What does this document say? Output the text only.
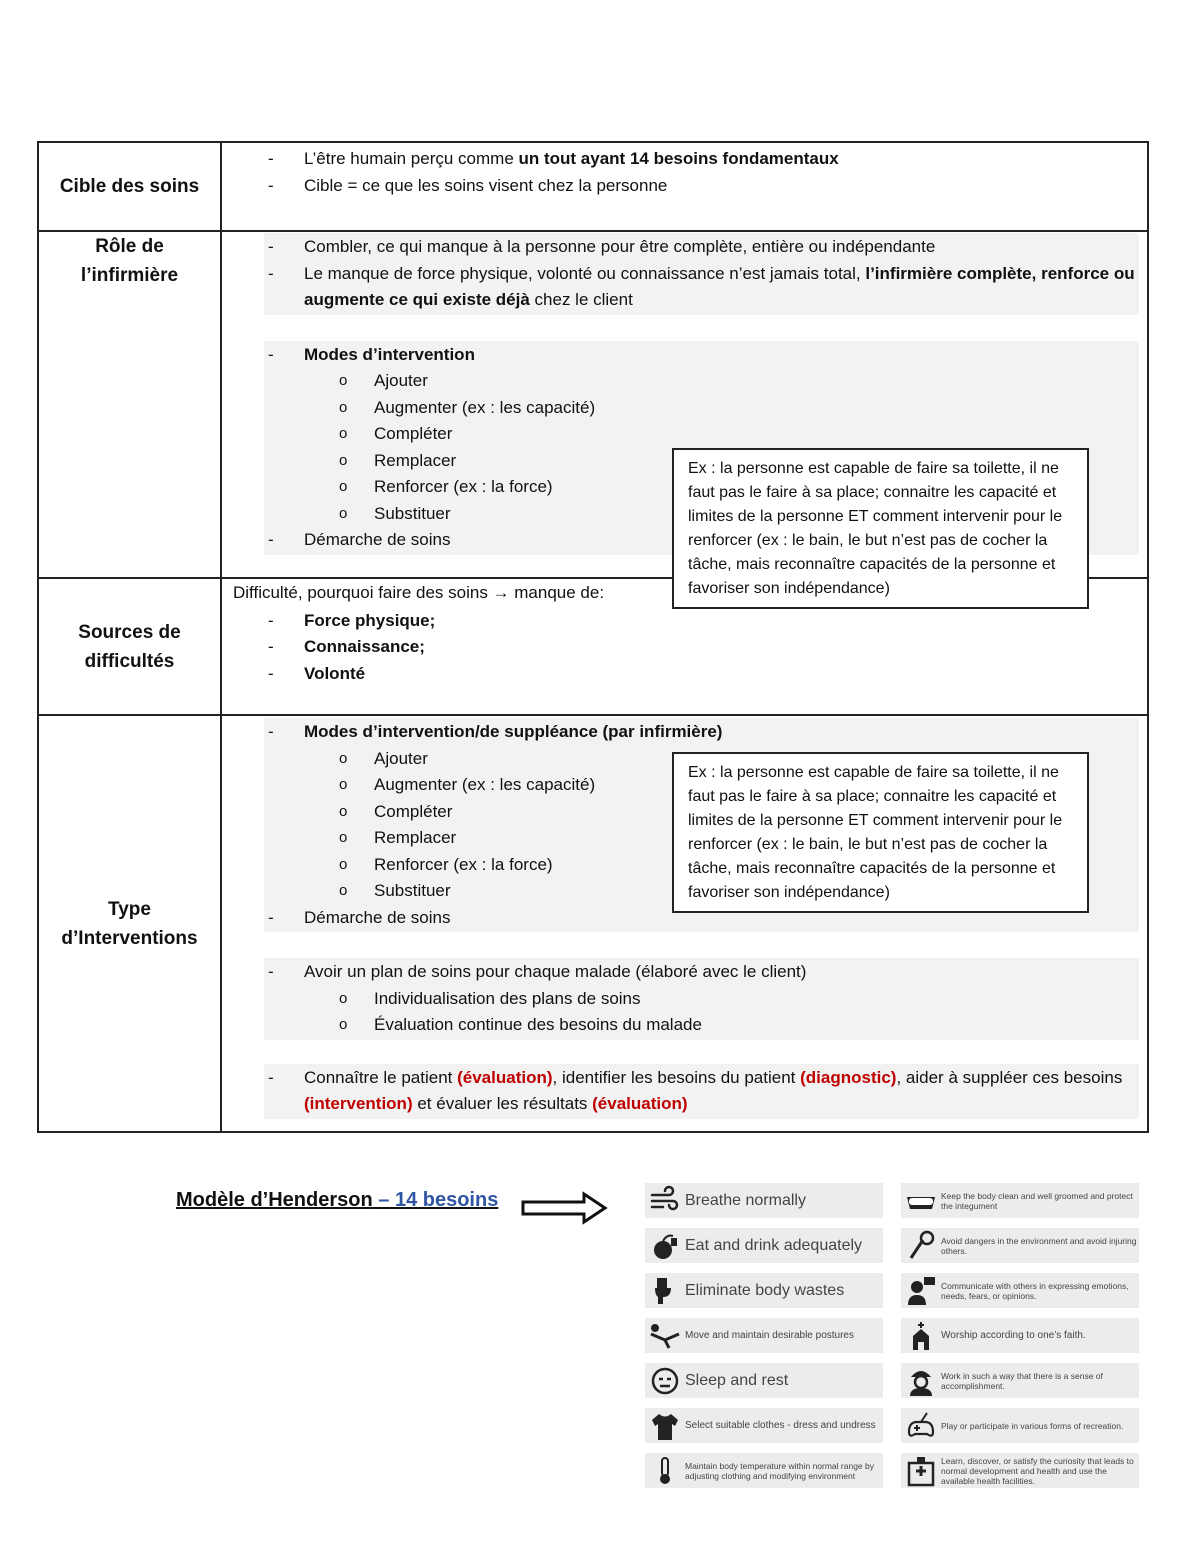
Cible des soins
- L’être humain perçu comme un tout ayant 14 besoins fondamentaux
- Cible = ce que les soins visent chez la personne
Rôle de
l’infirmière
- Combler, ce qui manque à la personne pour être complète, entière ou indépendante
- Le manque de force physique, volonté ou connaissance n’est jamais total, l’infirmière complète, renforce ou augmente ce qui existe déjà chez le client
- Modes d’intervention
o Ajouter
o Augmenter (ex : les capacité)
o Compléter
o Remplacer
o Renforcer (ex : la force)
o Substituer
- Démarche de soins
Ex : la personne est capable de faire sa toilette, il ne faut pas le faire à sa place; connaitre les capacité et limites de la personne ET comment intervenir pour le renforcer (ex : le bain, le but n’est pas de cocher la tâche, mais reconnaître capacités de la personne et favoriser son indépendance)
Sources de
difficultés
Difficulté, pourquoi faire des soins → manque de:
- Force physique;
- Connaissance;
- Volonté
Type
d’Interventions
- Modes d’intervention/de suppléance (par infirmière)
o Ajouter
o Augmenter (ex : les capacité)
o Compléter
o Remplacer
o Renforcer (ex : la force)
o Substituer
- Démarche de soins
- Avoir un plan de soins pour chaque malade (élaboré avec le client)
o Individualisation des plans de soins
o Évaluation continue des besoins du malade
- Connaître le patient (évaluation), identifier les besoins du patient (diagnostic), aider à suppléer ces besoins (intervention) et évaluer les résultats (évaluation)
Ex : la personne est capable de faire sa toilette, il ne faut pas le faire à sa place; connaitre les capacité et limites de la personne ET comment intervenir pour le renforcer (ex : le bain, le but n’est pas de cocher la tâche, mais reconnaître capacités de la personne et favoriser son indépendance)
Modèle d’Henderson – 14 besoins	Breathe normally	Keep the body clean and well groomed and protect the integument
Eat and drink adequately	Avoid dangers in the environment and avoid injuring others.
Eliminate body wastes	Communicate with others in expressing emotions, needs, fears, or opinions.
Move and maintain desirable postures	Worship according to one’s faith.
Sleep and rest	Work in such a way that there is a sense of accomplishment.
Select suitable clothes - dress and undress	Play or participate in various forms of recreation.
Maintain body temperature within normal range by adjusting clothing and modifying environment
Learn, discover, or satisfy the curiosity that leads to normal development and health and use the available health facilities.
